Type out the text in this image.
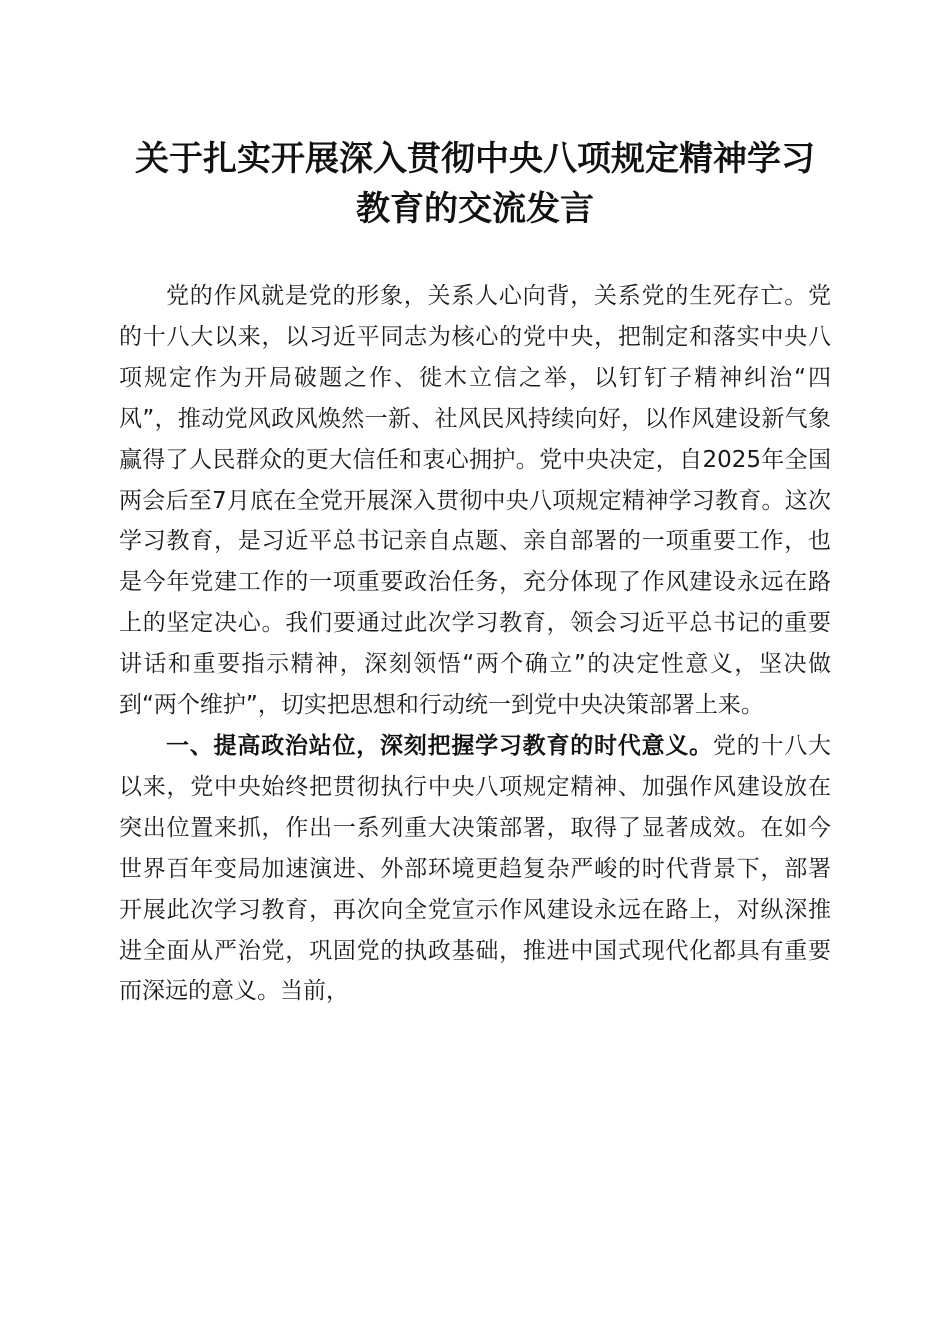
关于扎实开展深入贯彻中央八项规定精神学习
教育的交流发言

党的作风就是党的形象，关系人心向背，关系党的生死存亡。党的十八大以来，以习近平同志为核心的党中央，把制定和落实中央八项规定作为开局破题之作、徙木立信之举，以钉钉子精神纠治“四风”，推动党风政风焕然一新、社风民风持续向好，以作风建设新气象赢得了人民群众的更大信任和衷心拥护。党中央决定，自2025年全国两会后至7月底在全党开展深入贯彻中央八项规定精神学习教育。这次学习教育，是习近平总书记亲自点题、亲自部署的一项重要工作，也是今年党建工作的一项重要政治任务，充分体现了作风建设永远在路上的坚定决心。我们要通过此次学习教育，领会习近平总书记的重要讲话和重要指示精神，深刻领悟“两个确立”的决定性意义，坚决做到“两个维护”，切实把思想和行动统一到党中央决策部署上来。

一、提高政治站位，深刻把握学习教育的时代意义。党的十八大以来，党中央始终把贯彻执行中央八项规定精神、加强作风建设放在突出位置来抓，作出一系列重大决策部署，取得了显著成效。在如今世界百年变局加速演进、外部环境更趋复杂严峻的时代背景下，部署开展此次学习教育，再次向全党宣示作风建设永远在路上，对纵深推进全面从严治党，巩固党的执政基础，推进中国式现代化都具有重要而深远的意义。当前，
